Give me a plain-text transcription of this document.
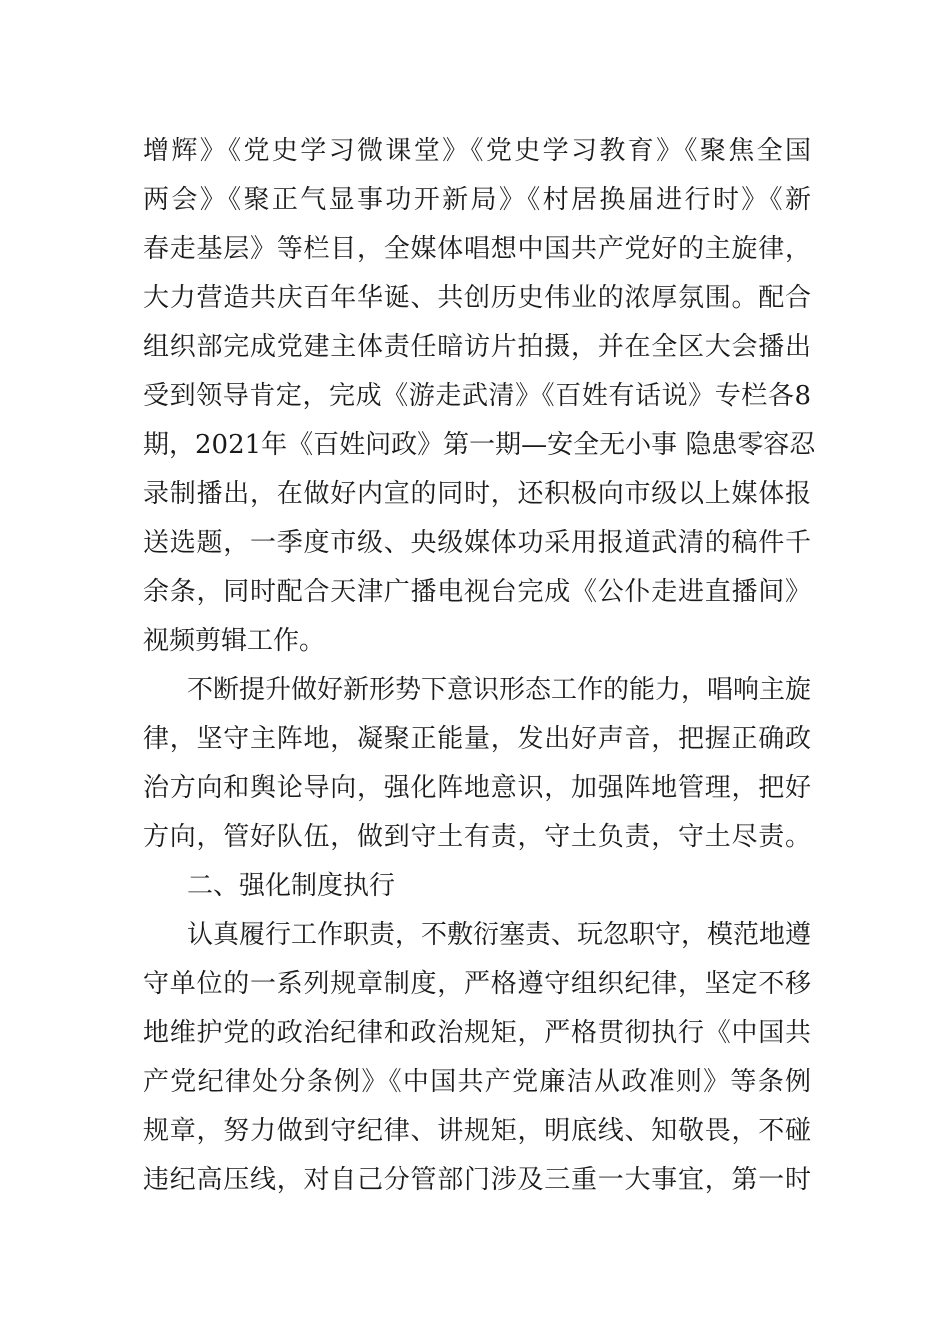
增辉》《党史学习微课堂》《党史学习教育》《聚焦全国
两会》《聚正气显事功开新局》《村居换届进行时》《新
春走基层》等栏目，全媒体唱想中国共产党好的主旋律，
大力营造共庆百年华诞、共创历史伟业的浓厚氛围。配合
组织部完成党建主体责任暗访片拍摄，并在全区大会播出
受到领导肯定，完成《游走武清》《百姓有话说》专栏各8
期，2021年《百姓问政》第一期—安全无小事 隐患零容忍
录制播出，在做好内宣的同时，还积极向市级以上媒体报
送选题，一季度市级、央级媒体功采用报道武清的稿件千
余条，同时配合天津广播电视台完成《公仆走进直播间》
视频剪辑工作。
不断提升做好新形势下意识形态工作的能力，唱响主旋
律，坚守主阵地，凝聚正能量，发出好声音，把握正确政
治方向和舆论导向，强化阵地意识，加强阵地管理，把好
方向，管好队伍，做到守土有责，守土负责，守土尽责。
二、强化制度执行
认真履行工作职责，不敷衍塞责、玩忽职守，模范地遵
守单位的一系列规章制度，严格遵守组织纪律，坚定不移
地维护党的政治纪律和政治规矩，严格贯彻执行《中国共
产党纪律处分条例》《中国共产党廉洁从政准则》等条例
规章，努力做到守纪律、讲规矩，明底线、知敬畏，不碰
违纪高压线，对自己分管部门涉及三重一大事宜，第一时
